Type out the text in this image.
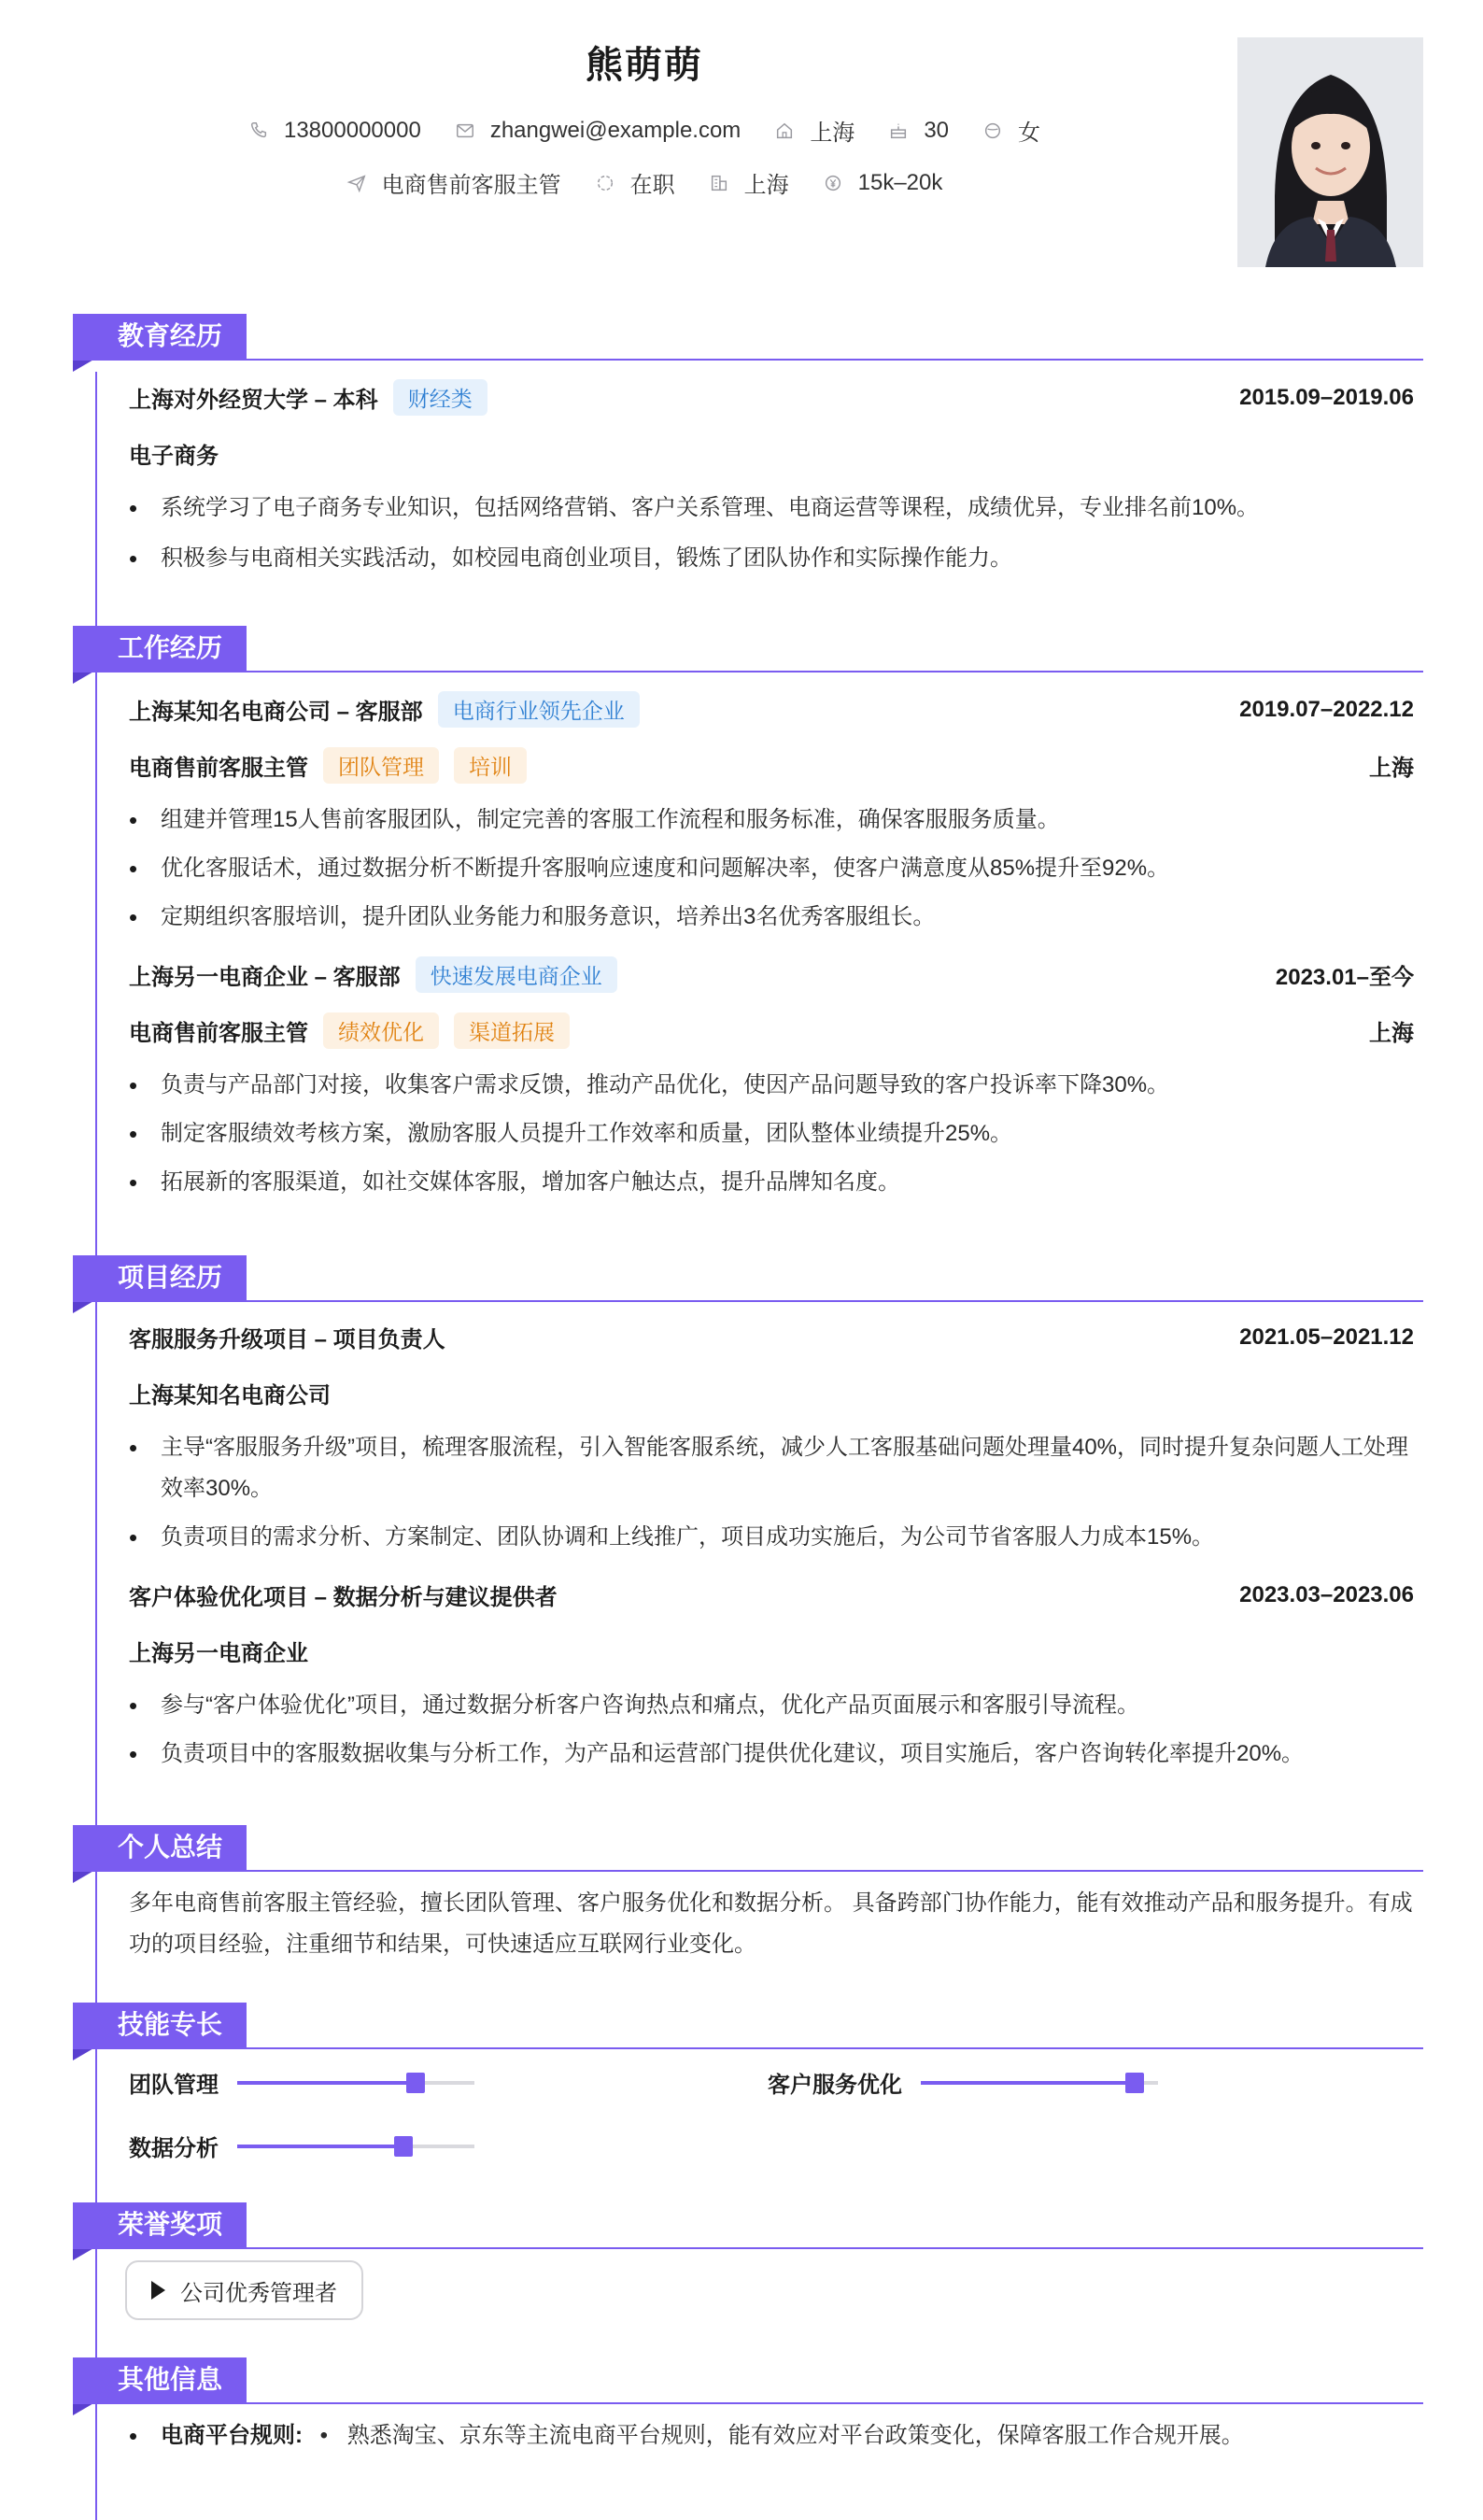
熊萌萌
13800000000	zhangwei@example.com	上海	30	女
电商售前客服主管	在职	上海	15k–20k
教育经历
上海对外经贸大学 – 本科	财经类	2015.09–2019.06
电子商务
• 系统学习了电子商务专业知识，包括网络营销、客户关系管理、电商运营等课程，成绩优异，专业排名前10%。
• 积极参与电商相关实践活动，如校园电商创业项目，锻炼了团队协作和实际操作能力。
工作经历
上海某知名电商公司 – 客服部	电商行业领先企业	2019.07–2022.12
电商售前客服主管	团队管理	培训	上海
• 组建并管理15人售前客服团队，制定完善的客服工作流程和服务标准，确保客服服务质量。
• 优化客服话术，通过数据分析不断提升客服响应速度和问题解决率，使客户满意度从85%提升至92%。
• 定期组织客服培训，提升团队业务能力和服务意识，培养出3名优秀客服组长。
上海另一电商企业 – 客服部	快速发展电商企业	2023.01–至今
电商售前客服主管	绩效优化	渠道拓展	上海
• 负责与产品部门对接，收集客户需求反馈，推动产品优化，使因产品问题导致的客户投诉率下降30%。
• 制定客服绩效考核方案，激励客服人员提升工作效率和质量，团队整体业绩提升25%。
• 拓展新的客服渠道，如社交媒体客服，增加客户触达点，提升品牌知名度。
项目经历
客服服务升级项目 – 项目负责人	2021.05–2021.12
上海某知名电商公司
• 主导“客服服务升级”项目，梳理客服流程，引入智能客服系统，减少人工客服基础问题处理量40%，同时提升复杂问题人工处理效率30%。
• 负责项目的需求分析、方案制定、团队协调和上线推广，项目成功实施后，为公司节省客服人力成本15%。
客户体验优化项目 – 数据分析与建议提供者	2023.03–2023.06
上海另一电商企业
• 参与“客户体验优化”项目，通过数据分析客户咨询热点和痛点，优化产品页面展示和客服引导流程。
• 负责项目中的客服数据收集与分析工作，为产品和运营部门提供优化建议，项目实施后，客户咨询转化率提升20%。
个人总结
多年电商售前客服主管经验，擅长团队管理、客户服务优化和数据分析。 具备跨部门协作能力，能有效推动产品和服务提升。有成功的项目经验，注重细节和结果，可快速适应互联网行业变化。
技能专长
团队管理	客户服务优化
数据分析
荣誉奖项
公司优秀管理者
其他信息
• 电商平台规则: • 熟悉淘宝、京东等主流电商平台规则，能有效应对平台政策变化，保障客服工作合规开展。
